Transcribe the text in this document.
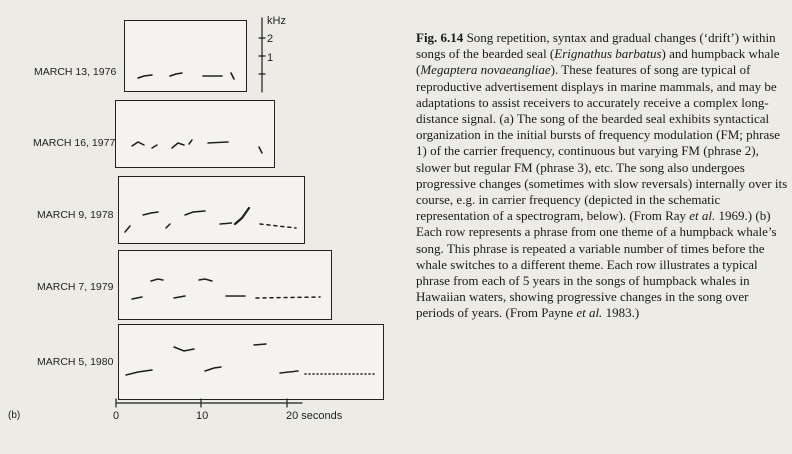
MARCH 13, 1976
MARCH 16, 1977
MARCH 9, 1978
MARCH 7, 1979
MARCH 5, 1980
kHz
2
1
(b)	0	10	20 seconds

Fig. 6.14 Song repetition, syntax and gradual changes (‘drift’) within songs of the bearded seal (Erignathus barbatus) and humpback whale (Megaptera novaeangliae). These features of song are typical of reproductive advertisement displays in marine mammals, and may be adaptations to assist receivers to accurately receive a complex long-distance signal. (a) The song of the bearded seal exhibits syntactical organization in the initial bursts of frequency modulation (FM; phrase 1) of the carrier frequency, continuous but varying FM (phrase 2), slower but regular FM (phrase 3), etc. The song also undergoes progressive changes (sometimes with slow reversals) internally over its course, e.g. in carrier frequency (depicted in the schematic representation of a spectrogram, below). (From Ray et al. 1969.) (b) Each row represents a phrase from one theme of a humpback whale’s song. This phrase is repeated a variable number of times before the whale switches to a different theme. Each row illustrates a typical phrase from each of 5 years in the songs of humpback whales in Hawaiian waters, showing progressive changes in the song over periods of years. (From Payne et al. 1983.)
